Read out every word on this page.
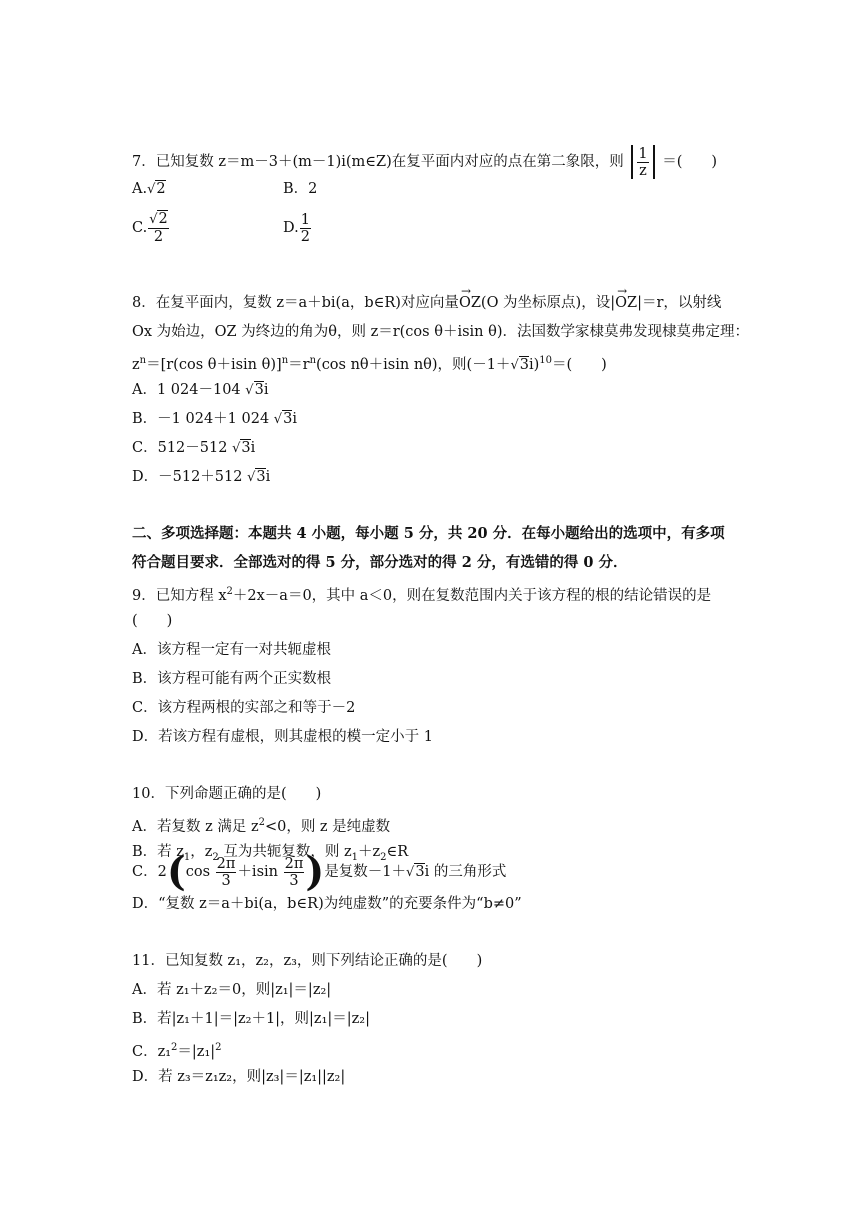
7．已知复数 z＝m－3＋(m－1)i(m∈Z)在复平面内对应的点在第二象限，则 $\frac{1}{z}$ ＝(　　)
A.√2	B．2
C. $\frac{√2}{2}$	D. $\frac{1}{2}$
8．在复平面内，复数 z＝a＋bi(a，b∈R)对应向量→ OZ(O 为坐标原点)，设|→ OZ|＝r，以射线
Ox 为始边，OZ 为终边的角为θ，则 z＝r(cos θ＋isin θ)．法国数学家棣莫弗发现棣莫弗定理：
$z^n=[r(\cos$ θ＋isin $\theta)]^n=r^n(\cos$ nθ＋isin nθ)，则$(-1+√3i)^{10}=$(　　)
A．1 024－104 √3i
B．－1 024＋1 024 √3i
C．512－512 √3i
D．－512＋512 √3i
二、多项选择题：本题共 4 小题，每小题 5 分，共 20 分．在每小题给出的选项中，有多项
符合题目要求．全部选对的得 5 分，部分选对的得 2 分，有选错的得 0 分．
9．已知方程 $x^2+2x-a=0$，其中 a＜0，则在复数范围内关于该方程的根的结论错误的是
(　　)
A．该方程一定有一对共轭虚根
B．该方程可能有两个正实数根
C．该方程两根的实部之和等于－2
D．若该方程有虚根，则其虚根的模一定小于 1
10．下列命题正确的是(　　)
A．若复数 z 满足 $z^2<0$，则 z 是纯虚数
B．若 $z_1$，$z_2$ 互为共轭复数，则 $z_1+z_2\in R$
C．$2(\cos \frac{2\pi}{3} +isin \frac{2\pi}{3}$ )是复数－1＋√3i 的三角形式
D．“复数 z＝a＋bi(a，b∈R)为纯虚数”的充要条件为“b≠0”
11．已知复数 z₁，z₂，z₃，则下列结论正确的是(　　)
A．若 z₁＋z₂＝0，则|z₁|＝|z₂|
B．若|z₁＋1|＝|z₂＋1|，则|z₁|＝|z₂|
C．$z_1^2=|z_1|^2$
D．若 z₃＝z₁z₂，则|z₃|＝|z₁||z₂|
